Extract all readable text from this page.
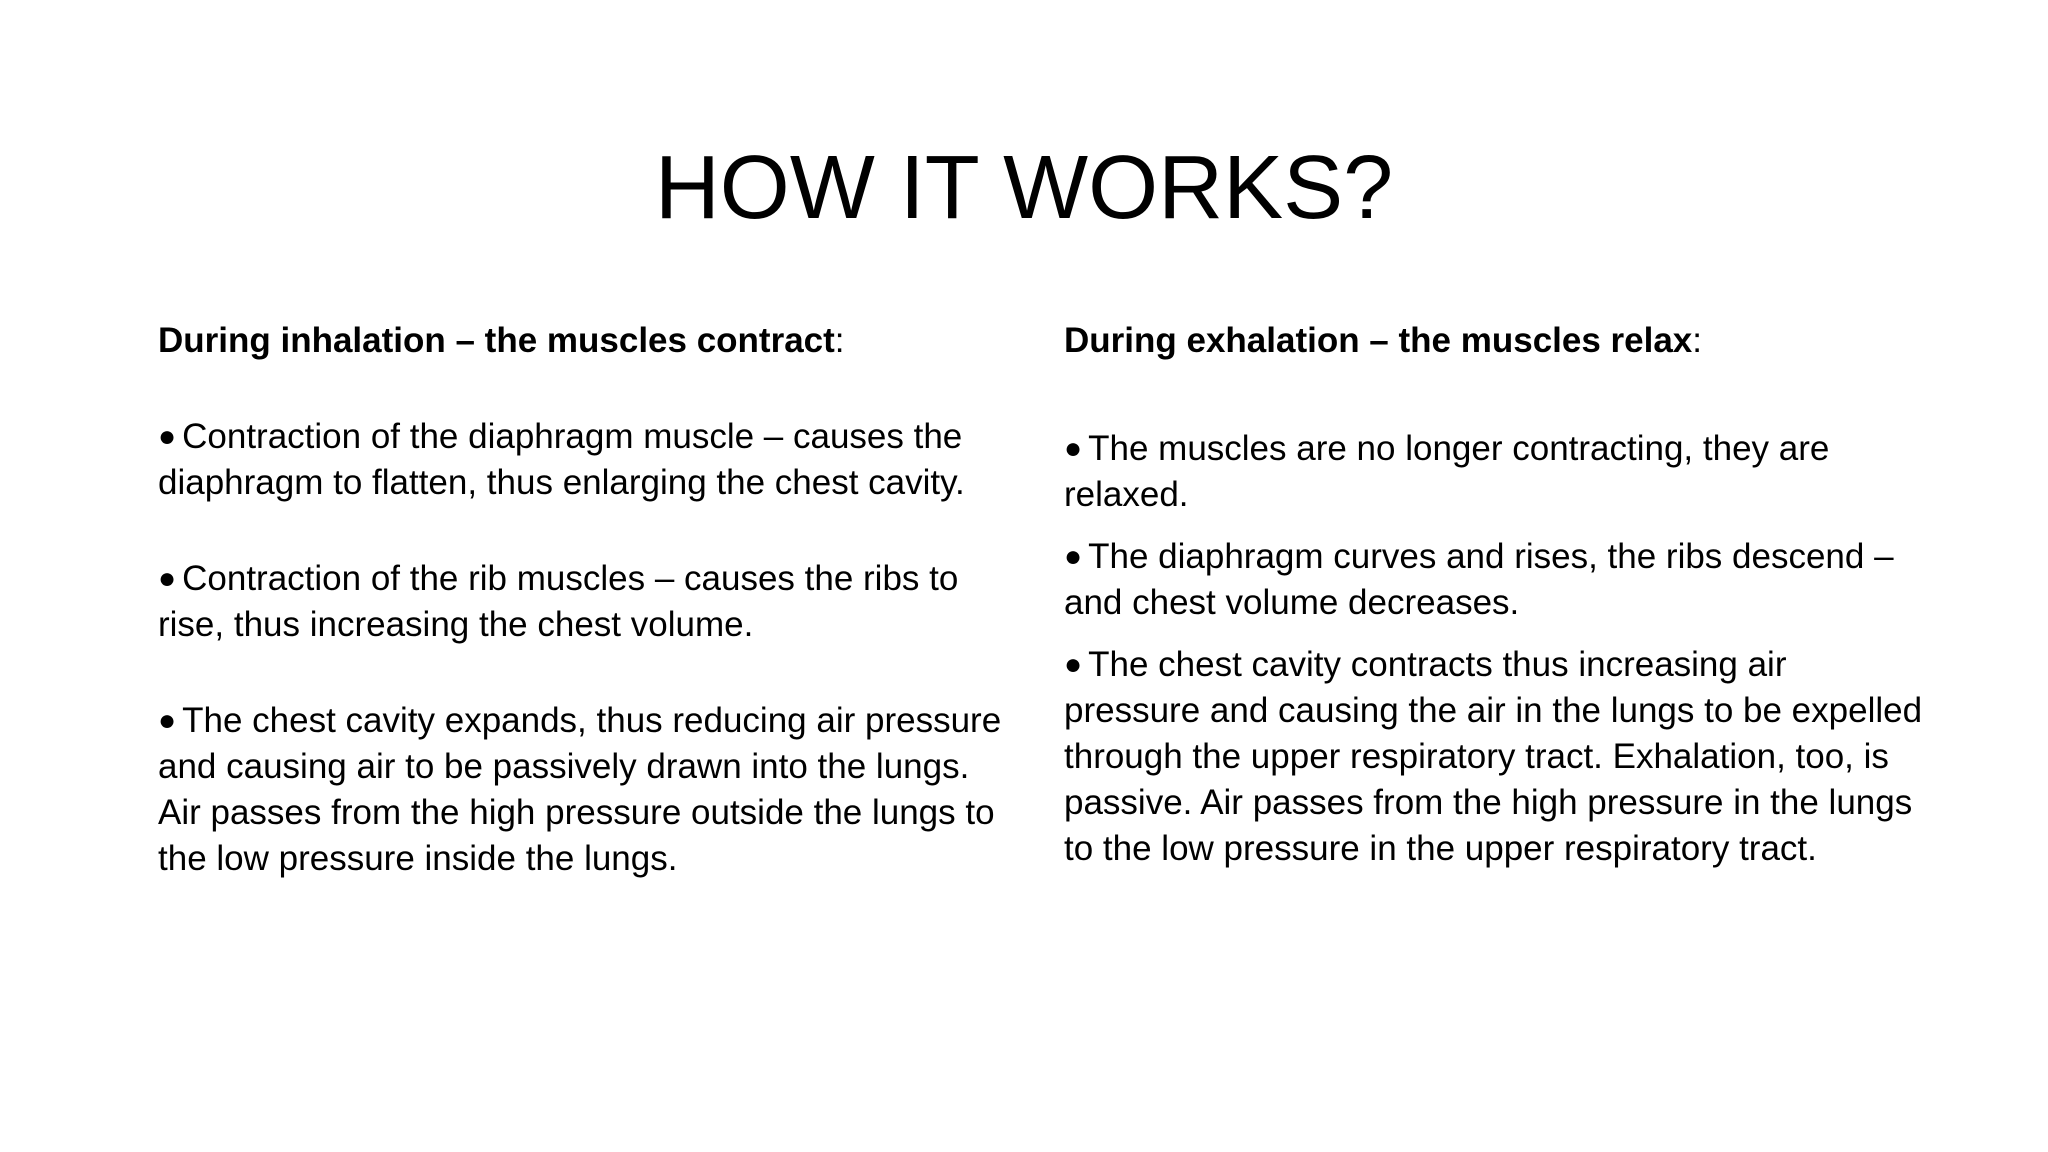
HOW IT WORKS?

During inhalation – the muscles contract:

● Contraction of the diaphragm muscle – causes the diaphragm to flatten, thus enlarging the chest cavity.

● Contraction of the rib muscles – causes the ribs to rise, thus increasing the chest volume.

● The chest cavity expands, thus reducing air pressure and causing air to be passively drawn into the lungs. Air passes from the high pressure outside the lungs to the low pressure inside the lungs.

During exhalation – the muscles relax:

● The muscles are no longer contracting, they are relaxed.

● The diaphragm curves and rises, the ribs descend – and chest volume decreases.

● The chest cavity contracts thus increasing air pressure and causing the air in the lungs to be expelled through the upper respiratory tract. Exhalation, too, is passive. Air passes from the high pressure in the lungs to the low pressure in the upper respiratory tract.
